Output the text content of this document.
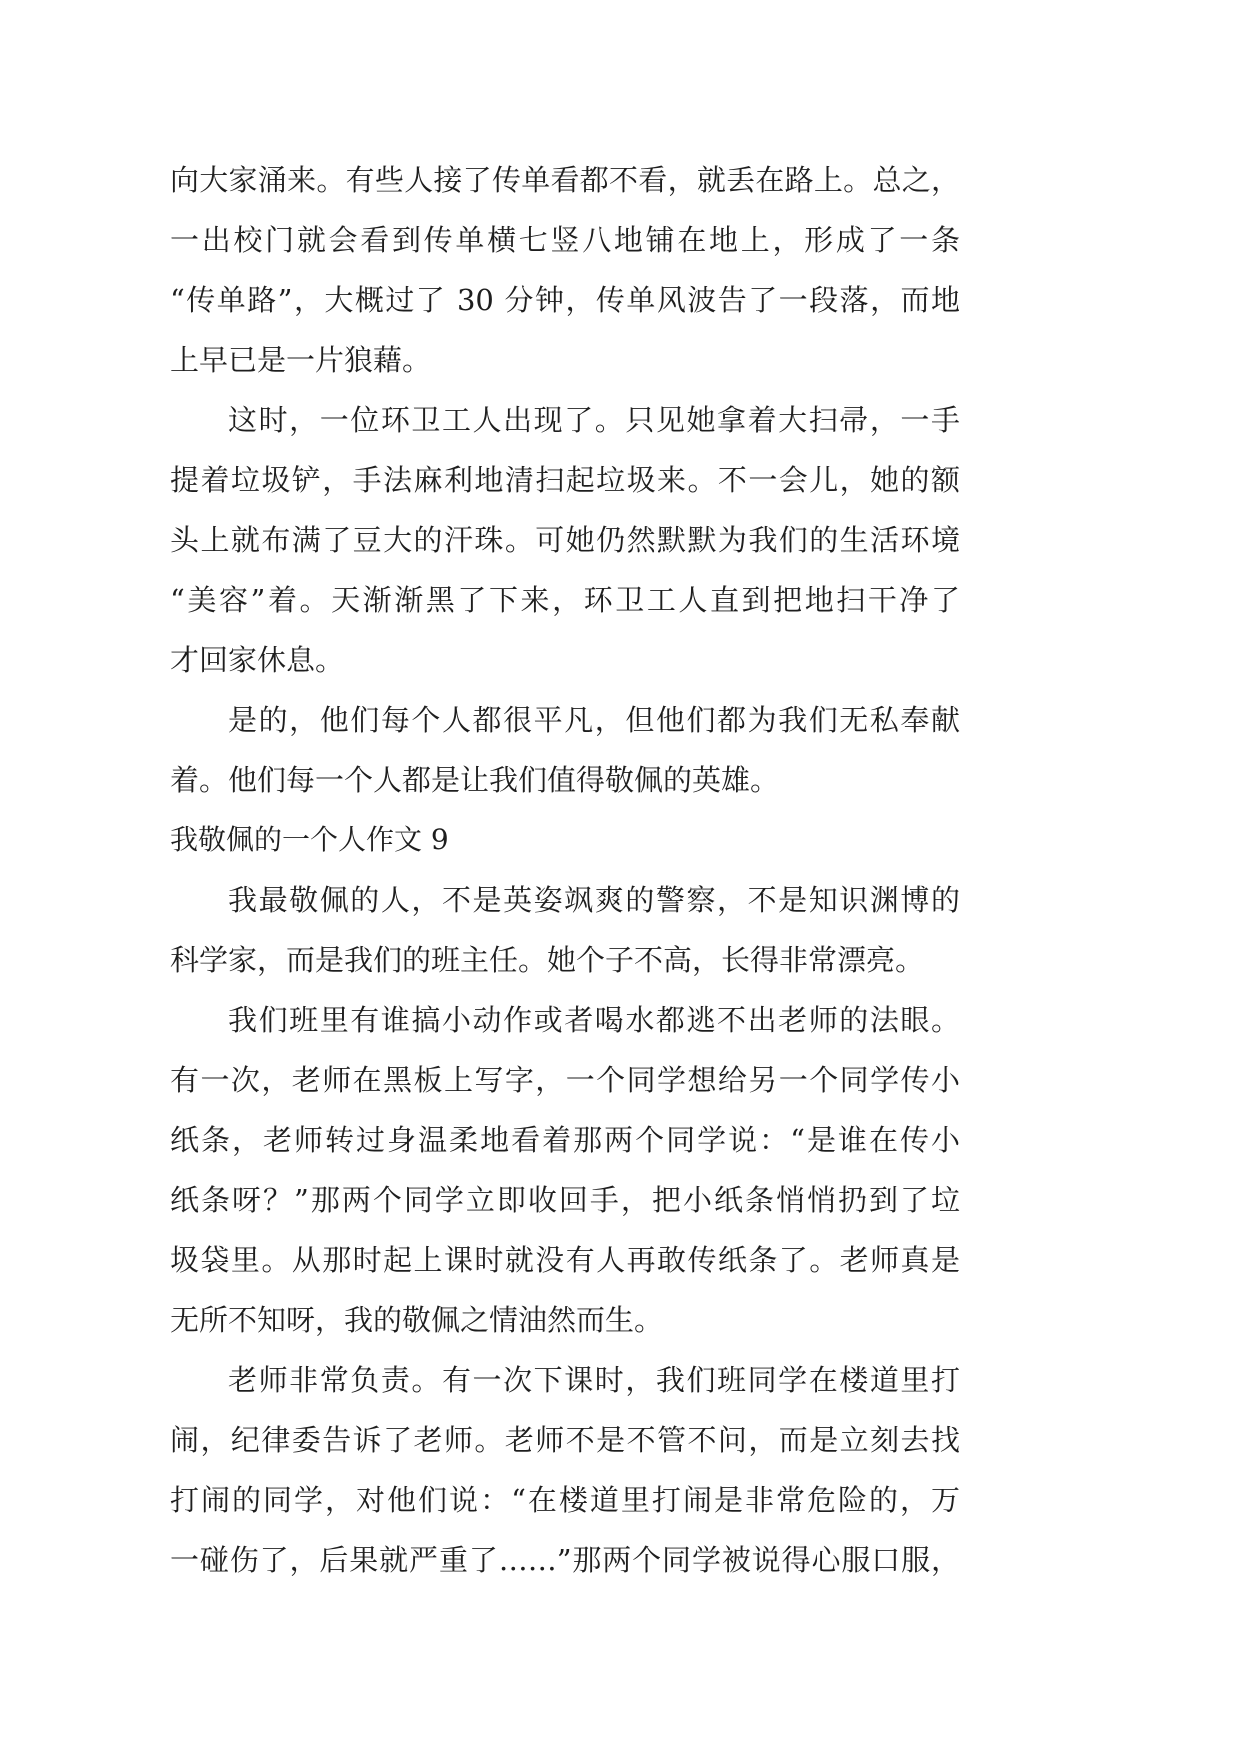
向大家涌来。有些人接了传单看都不看，就丢在路上。总之，
一出校门就会看到传单横七竖八地铺在地上，形成了一条
“传单路”，大概过了 30 分钟，传单风波告了一段落，而地
上早已是一片狼藉。
这时，一位环卫工人出现了。只见她拿着大扫帚，一手
提着垃圾铲，手法麻利地清扫起垃圾来。不一会儿，她的额
头上就布满了豆大的汗珠。可她仍然默默为我们的生活环境
“美容”着。天渐渐黑了下来，环卫工人直到把地扫干净了
才回家休息。
是的，他们每个人都很平凡，但他们都为我们无私奉献
着。他们每一个人都是让我们值得敬佩的英雄。
我敬佩的一个人作文 9
我最敬佩的人，不是英姿飒爽的警察，不是知识渊博的
科学家，而是我们的班主任。她个子不高，长得非常漂亮。
我们班里有谁搞小动作或者喝水都逃不出老师的法眼。
有一次，老师在黑板上写字，一个同学想给另一个同学传小
纸条，老师转过身温柔地看着那两个同学说：“是谁在传小
纸条呀？”那两个同学立即收回手，把小纸条悄悄扔到了垃
圾袋里。从那时起上课时就没有人再敢传纸条了。老师真是
无所不知呀，我的敬佩之情油然而生。
老师非常负责。有一次下课时，我们班同学在楼道里打
闹，纪律委告诉了老师。老师不是不管不问，而是立刻去找
打闹的同学，对他们说：“在楼道里打闹是非常危险的，万
一碰伤了，后果就严重了……”那两个同学被说得心服口服，
